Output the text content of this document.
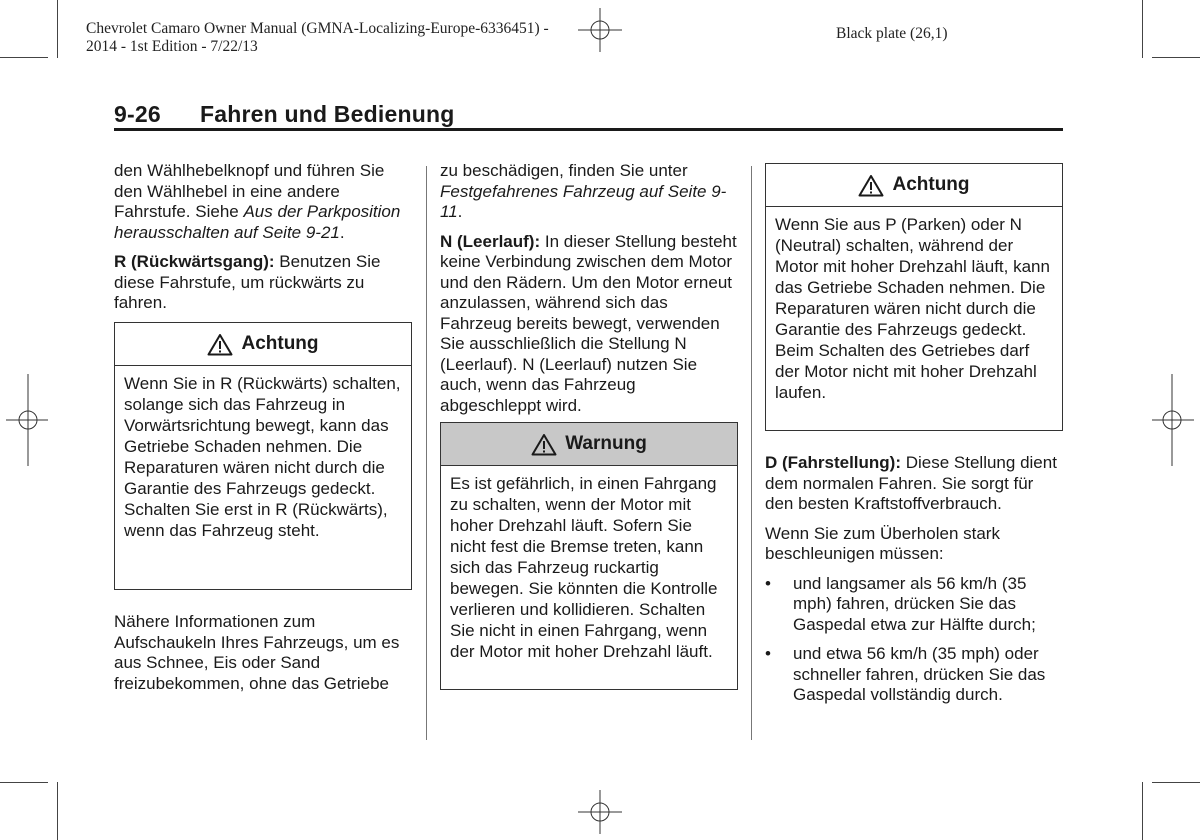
Chevrolet Camaro Owner Manual (GMNA-Localizing-Europe-6336451) -
2014 - 1st Edition - 7/22/13
Black plate (26,1)
9-26 Fahren und Bedienung

den Wählhebelknopf und führen Sie den Wählhebel in eine andere Fahrstufe. Siehe Aus der Parkposition herausschalten auf Seite 9-21.

R (Rückwärtsgang): Benutzen Sie diese Fahrstufe, um rückwärts zu fahren.

Achtung
Wenn Sie in R (Rückwärts) schalten, solange sich das Fahrzeug in Vorwärtsrichtung bewegt, kann das Getriebe Schaden nehmen. Die Reparaturen wären nicht durch die Garantie des Fahrzeugs gedeckt. Schalten Sie erst in R (Rückwärts), wenn das Fahrzeug steht.

Nähere Informationen zum Aufschaukeln Ihres Fahrzeugs, um es aus Schnee, Eis oder Sand freizubekommen, ohne das Getriebe

zu beschädigen, finden Sie unter Festgefahrenes Fahrzeug auf Seite 9-11.

N (Leerlauf): In dieser Stellung besteht keine Verbindung zwischen dem Motor und den Rädern. Um den Motor erneut anzulassen, während sich das Fahrzeug bereits bewegt, verwenden Sie ausschließlich die Stellung N (Leerlauf). N (Leerlauf) nutzen Sie auch, wenn das Fahrzeug abgeschleppt wird.

Warnung
Es ist gefährlich, in einen Fahrgang zu schalten, wenn der Motor mit hoher Drehzahl läuft. Sofern Sie nicht fest die Bremse treten, kann sich das Fahrzeug ruckartig bewegen. Sie könnten die Kontrolle verlieren und kollidieren. Schalten Sie nicht in einen Fahrgang, wenn der Motor mit hoher Drehzahl läuft.
Achtung
Wenn Sie aus P (Parken) oder N (Neutral) schalten, während der Motor mit hoher Drehzahl läuft, kann das Getriebe Schaden nehmen. Die Reparaturen wären nicht durch die Garantie des Fahrzeugs gedeckt. Beim Schalten des Getriebes darf der Motor nicht mit hoher Drehzahl laufen.

D (Fahrstellung): Diese Stellung dient dem normalen Fahren. Sie sorgt für den besten Kraftstoffverbrauch.

Wenn Sie zum Überholen stark beschleunigen müssen:

• und langsamer als 56 km/h (35 mph) fahren, drücken Sie das Gaspedal etwa zur Hälfte durch;

• und etwa 56 km/h (35 mph) oder schneller fahren, drücken Sie das Gaspedal vollständig durch.
